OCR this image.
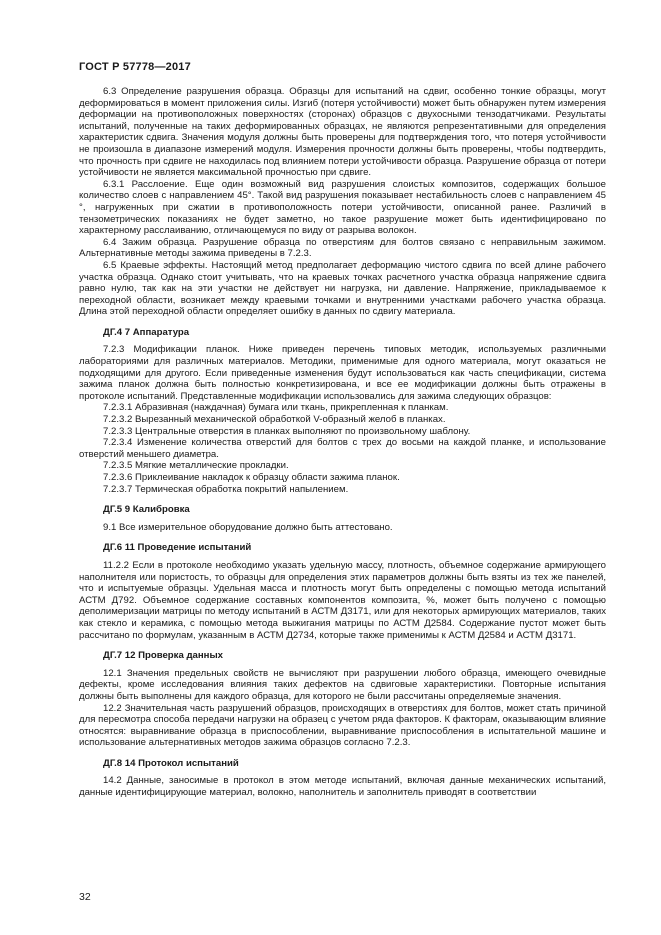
ГОСТ Р 57778—2017

6.3 Определение разрушения образца. Образцы для испытаний на сдвиг, особенно тонкие образцы, могут деформироваться в момент приложения силы. Изгиб (потеря устойчивости) может быть обнаружен путем измерения деформации на противоположных поверхностях (сторонах) образцов с двухосными тензодатчиками. Результаты испытаний, полученные на таких деформированных образцах, не являются репрезентативными для определения характеристик сдвига. Значения модуля должны быть проверены для подтверждения того, что потеря устойчивости не произошла в диапазоне измерений модуля. Измерения прочности должны быть проверены, чтобы подтвердить, что прочность при сдвиге не находилась под влиянием потери устойчивости образца. Разрушение образца от потери устойчивости не является максимальной прочностью при сдвиге.

6.3.1 Расслоение. Еще один возможный вид разрушения слоистых композитов, содержащих большое количество слоев с направлением 45°. Такой вид разрушения показывает нестабильность слоев с направлением 45 °, нагруженных при сжатии в противоположность потери устойчивости, описанной ранее. Различий в тензометрических показаниях не будет заметно, но такое разрушение может быть идентифицировано по характерному расслаиванию, отличающемуся по виду от разрыва волокон.

6.4 Зажим образца. Разрушение образца по отверстиям для болтов связано с неправильным зажимом. Альтернативные методы зажима приведены в 7.2.3.

6.5 Краевые эффекты. Настоящий метод предполагает деформацию чистого сдвига по всей длине рабочего участка образца. Однако стоит учитывать, что на краевых точках расчетного участка образца напряжение сдвига равно нулю, так как на эти участки не действует ни нагрузка, ни давление. Напряжение, прикладываемое к переходной области, возникает между краевыми точками и внутренними участками рабочего участка образца. Длина этой переходной области определяет ошибку в данных по сдвигу материала.

ДГ.4 7 Аппаратура

7.2.3 Модификации планок. Ниже приведен перечень типовых методик, используемых различными лабораториями для различных материалов. Методики, применимые для одного материала, могут оказаться не подходящими для другого. Если приведенные изменения будут использоваться как часть спецификации, система зажима планок должна быть полностью конкретизирована, и все ее модификации должны быть отражены в протоколе испытаний. Представленные модификации использовались для зажима следующих образцов:

7.2.3.1 Абразивная (наждачная) бумага или ткань, прикрепленная к планкам.

7.2.3.2 Вырезанный механической обработкой V-образный желоб в планках.

7.2.3.3 Центральные отверстия в планках выполняют по произвольному шаблону.

7.2.3.4 Изменение количества отверстий для болтов с трех до восьми на каждой планке, и использование отверстий меньшего диаметра.

7.2.3.5 Мягкие металлические прокладки.

7.2.3.6 Приклеивание накладок к образцу области зажима планок.

7.2.3.7 Термическая обработка покрытий напылением.

ДГ.5 9 Калибровка

9.1 Все измерительное оборудование должно быть аттестовано.

ДГ.6 11 Проведение испытаний

11.2.2 Если в протоколе необходимо указать удельную массу, плотность, объемное содержание армирующего наполнителя или пористость, то образцы для определения этих параметров должны быть взяты из тех же панелей, что и испытуемые образцы. Удельная масса и плотность могут быть определены с помощью метода испытаний АСТМ Д792. Объемное содержание составных компонентов композита, %, может быть получено с помощью деполимеризации матрицы по методу испытаний в АСТМ Д3171, или для некоторых армирующих материалов, таких как стекло и керамика, с помощью метода выжигания матрицы по АСТМ Д2584. Содержание пустот может быть рассчитано по формулам, указанным в АСТМ Д2734, которые также применимы к АСТМ Д2584 и АСТМ Д3171.

ДГ.7 12 Проверка данных

12.1 Значения предельных свойств не вычисляют при разрушении любого образца, имеющего очевидные дефекты, кроме исследования влияния таких дефектов на сдвиговые характеристики. Повторные испытания должны быть выполнены для каждого образца, для которого не были рассчитаны определяемые значения.

12.2 Значительная часть разрушений образцов, происходящих в отверстиях для болтов, может стать причиной для пересмотра способа передачи нагрузки на образец с учетом ряда факторов. К факторам, оказывающим влияние относятся: выравнивание образца в приспособлении, выравнивание приспособления в испытательной машине и использование альтернативных методов зажима образцов согласно 7.2.3.

ДГ.8 14 Протокол испытаний

14.2 Данные, заносимые в протокол в этом методе испытаний, включая данные механических испытаний, данные идентифицирующие материал, волокно, наполнитель и заполнитель приводят в соответствии

32
